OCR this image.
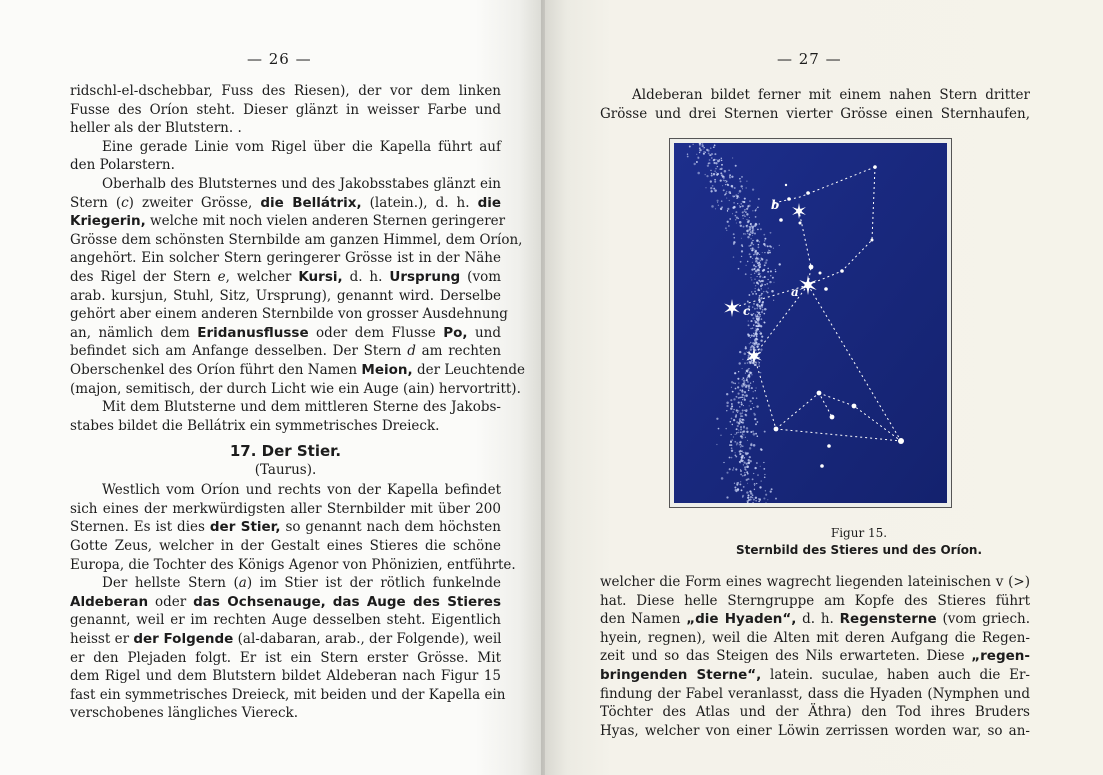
— 26 —
ridschl-el-dschebbar, Fuss des Riesen), der vor dem linken
Fusse des Oríon steht. Dieser glänzt in weisser Farbe und
heller als der Blutstern. .
Eine gerade Linie vom Rigel über die Kapella führt auf
den Polarstern.
Oberhalb des Blutsternes und des Jakobsstabes glänzt ein
Stern (c) zweiter Grösse, die Bellátrix, (latein.), d. h. die
Kriegerin, welche mit noch vielen anderen Sternen geringerer
Grösse dem schönsten Sternbilde am ganzen Himmel, dem Oríon,
angehört. Ein solcher Stern geringerer Grösse ist in der Nähe
des Rigel der Stern e, welcher Kursi, d. h. Ursprung (vom
arab. kursjun, Stuhl, Sitz, Ursprung), genannt wird. Derselbe
gehört aber einem anderen Sternbilde von grosser Ausdehnung
an, nämlich dem Eridanusflusse oder dem Flusse Po, und
befindet sich am Anfange desselben. Der Stern d am rechten
Oberschenkel des Oríon führt den Namen Meion, der Leuchtende
(majon, semitisch, der durch Licht wie ein Auge (ain) hervortritt).
Mit dem Blutsterne und dem mittleren Sterne des Jakobs-
stabes bildet die Bellátrix ein symmetrisches Dreieck.
17. Der Stier.
(Taurus).
Westlich vom Oríon und rechts von der Kapella befindet
sich eines der merkwürdigsten aller Sternbilder mit über 200
Sternen. Es ist dies der Stier, so genannt nach dem höchsten
Gotte Zeus, welcher in der Gestalt eines Stieres die schöne
Europa, die Tochter des Königs Agenor von Phönizien, entführte.
Der hellste Stern (a) im Stier ist der rötlich funkelnde
Aldeberan oder das Ochsenauge, das Auge des Stieres
genannt, weil er im rechten Auge desselben steht. Eigentlich
heisst er der Folgende (al-dabaran, arab., der Folgende), weil
er den Plejaden folgt. Er ist ein Stern erster Grösse. Mit
dem Rigel und dem Blutstern bildet Aldeberan nach Figur 15
fast ein symmetrisches Dreieck, mit beiden und der Kapella ein
verschobenes längliches Viereck.
— 27 —
Aldeberan bildet ferner mit einem nahen Stern dritter
Grösse und drei Sternen vierter Grösse einen Sternhaufen,
b
a
c
Figur 15.
Sternbild des Stieres und des Oríon.
welcher die Form eines wagrecht liegenden lateinischen v (>)
hat. Diese helle Sterngruppe am Kopfe des Stieres führt
den Namen „die Hyaden“, d. h. Regensterne (vom griech.
hyein, regnen), weil die Alten mit deren Aufgang die Regen-
zeit und so das Steigen des Nils erwarteten. Diese „regen-
bringenden Sterne“, latein. suculae, haben auch die Er-
findung der Fabel veranlasst, dass die Hyaden (Nymphen und
Töchter des Atlas und der Äthra) den Tod ihres Bruders
Hyas, welcher von einer Löwin zerrissen worden war, so an-
